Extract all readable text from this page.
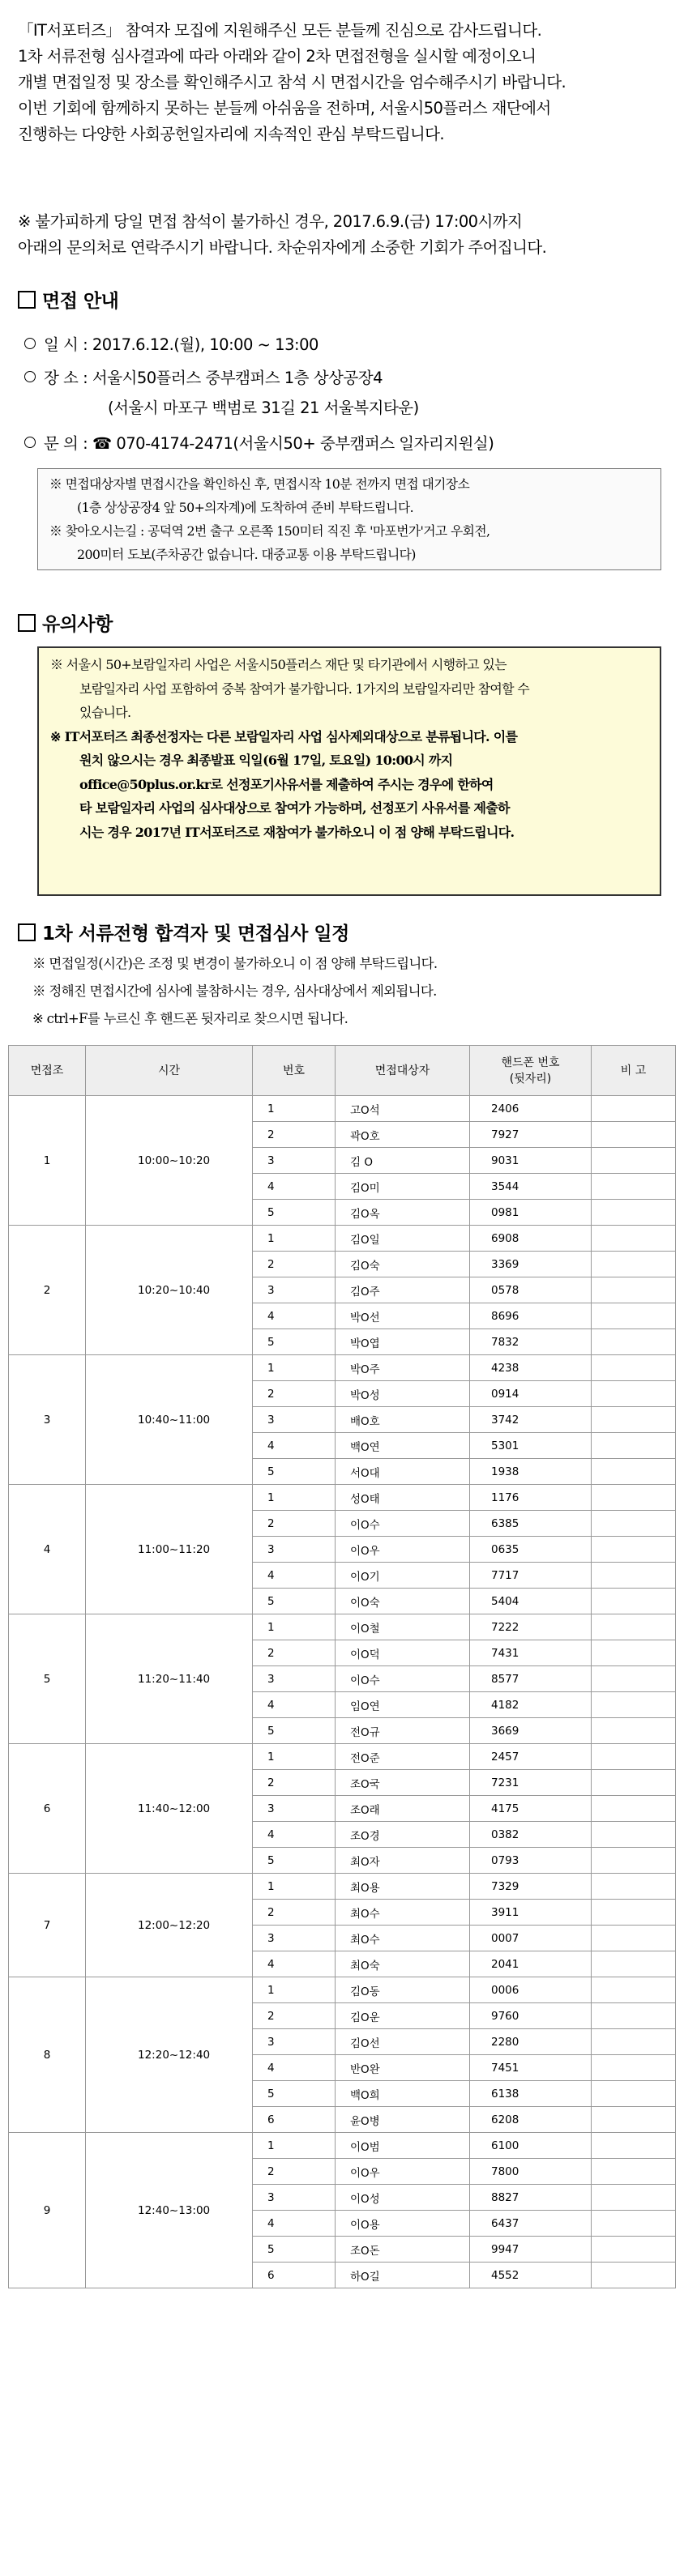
「IT서포터즈」 참여자 모집에 지원해주신 모든 분들께 진심으로 감사드립니다.

1차 서류전형 심사결과에 따라 아래와 같이 2차 면접전형을 실시할 예정이오니

개별 면접일정 및 장소를 확인해주시고 참석 시 면접시간을 엄수해주시기 바랍니다.

이번 기회에 함께하지 못하는 분들께 아쉬움을 전하며, 서울시50플러스 재단에서

진행하는 다양한 사회공헌일자리에 지속적인 관심 부탁드립니다.

※ 불가피하게 당일 면접 참석이 불가하신 경우, 2017.6.9.(금) 17:00시까지

아래의 문의처로 연락주시기 바랍니다. 차순위자에게 소중한 기회가 주어집니다.

면접 안내
일 시 : 2017.6.12.(월), 10:00 ~ 13:00
장 소 : 서울시50플러스 중부캠퍼스 1층 상상공장4
(서울시 마포구 백범로 31길 21 서울복지타운)
문 의 : ☎ 070-4174-2471(서울시50+ 중부캠퍼스 일자리지원실)

※ 면접대상자별 면접시간을 확인하신 후, 면접시작 10분 전까지 면접 대기장소

(1층 상상공장4 앞 50+의자계)에 도착하여 준비 부탁드립니다.

※ 찾아오시는길 : 공덕역 2번 출구 오른쪽 150미터 직진 후 '마포번가'거고 우회전,

200미터 도보(주차공간 없습니다. 대중교통 이용 부탁드립니다)

유의사항

※ 서울시 50+보람일자리 사업은 서울시50플러스 재단 및 타기관에서 시행하고 있는

보람일자리 사업 포함하여 중복 참여가 불가합니다. 1가지의 보람일자리만 참여할 수

있습니다.

※ IT서포터즈 최종선정자는 다른 보람일자리 사업 심사제외대상으로 분류됩니다. 이를

원치 않으시는 경우 최종발표 익일(6월 17일, 토요일) 10:00시 까지

office@50plus.or.kr로 선정포기사유서를 제출하여 주시는 경우에 한하여

타 보람일자리 사업의 심사대상으로 참여가 가능하며, 선정포기 사유서를 제출하

시는 경우 2017년 IT서포터즈로 재참여가 불가하오니 이 점 양해 부탁드립니다.

1차 서류전형 합격자 및 면접심사 일정

※ 면접일정(시간)은 조정 및 변경이 불가하오니 이 점 양해 부탁드립니다.

※ 정해진 면접시간에 심사에 불참하시는 경우, 심사대상에서 제외됩니다.

※ ctrl+F를 누르신 후 핸드폰 뒷자리로 찾으시면 됩니다.

면접조	시간	번호	면접대상자	핸드폰 번호
(뒷자리)	비 고
1	10:00~10:20	1	고O석	2406	
		2	곽O호	7927	
		3	김 O	9031	
		4	김O미	3544	
		5	김O옥	0981	
2	10:20~10:40	1	김O일	6908	
		2	김O숙	3369	
		3	김O주	0578	
		4	박O선	8696	
		5	박O엽	7832	
3	10:40~11:00	1	박O주	4238	
		2	박O성	0914	
		3	배O호	3742	
		4	백O연	5301	
		5	서O대	1938	
4	11:00~11:20	1	성O태	1176	
		2	이O수	6385	
		3	이O우	0635	
		4	이O기	7717	
		5	이O숙	5404	
5	11:20~11:40	1	이O철	7222	
		2	이O덕	7431	
		3	이O수	8577	
		4	임O연	4182	
		5	전O규	3669	
6	11:40~12:00	1	전O준	2457	
		2	조O국	7231	
		3	조O래	4175	
		4	조O경	0382	
		5	최O자	0793	
7	12:00~12:20	1	최O용	7329	
		2	최O수	3911	
		3	최O수	0007	
		4	최O숙	2041	
8	12:20~12:40	1	김O동	0006	
		2	김O운	9760	
		3	김O선	2280	
		4	반O완	7451	
		5	백O희	6138	
		6	윤O병	6208	
9	12:40~13:00	1	이O범	6100	
		2	이O우	7800	
		3	이O성	8827	
		4	이O용	6437	
		5	조O돈	9947	
		6	하O길	4552	
